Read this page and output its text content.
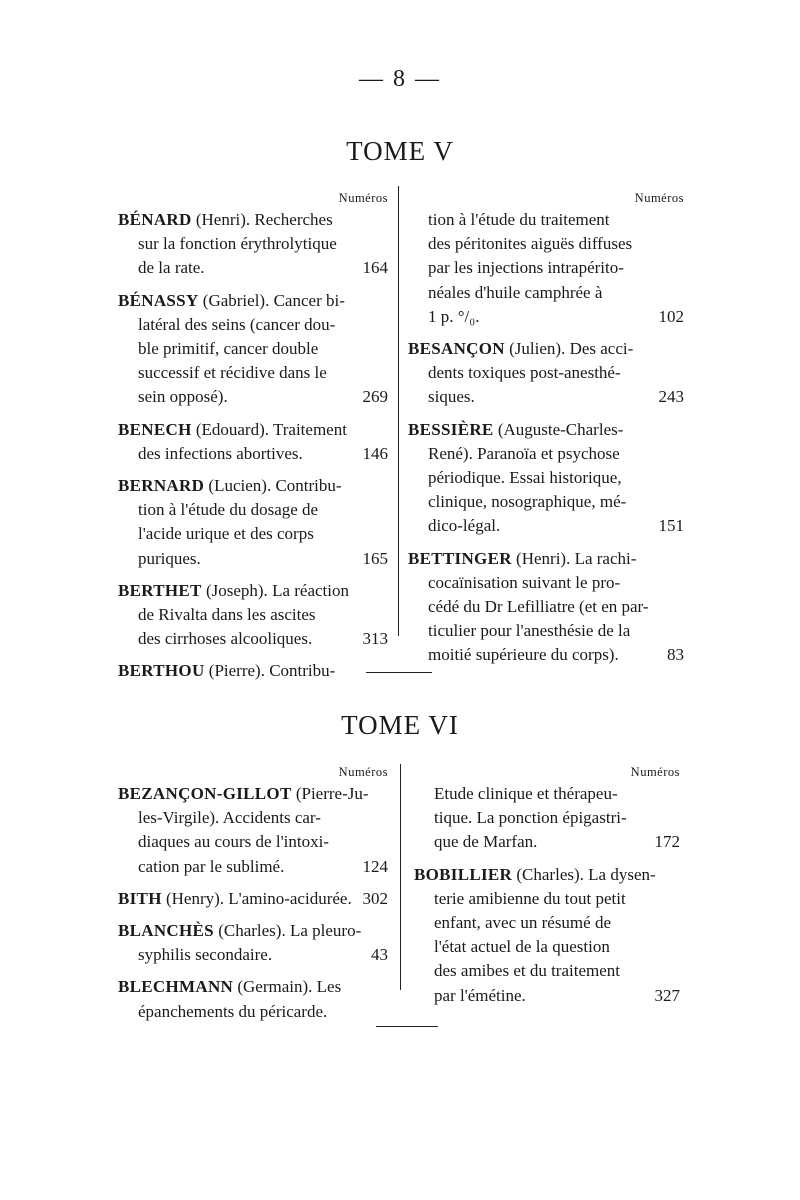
— 8 —
TOME V
Numéros
BÉNARD (Henri). Recherches
sur la fonction érythrolytique
de la rate.	164
BÉNASSY (Gabriel). Cancer bi-
latéral des seins (cancer dou-
ble primitif, cancer double
successif et récidive dans le
sein opposé).	269
BENECH (Edouard). Traitement
des infections abortives.	146
BERNARD (Lucien). Contribu-
tion à l'étude du dosage de
l'acide urique et des corps
puriques.	165
BERTHET (Joseph). La réaction
de Rivalta dans les ascites
des cirrhoses alcooliques.	313
BERTHOU (Pierre). Contribu-
Numéros
tion à l'étude du traitement
des péritonites aiguës diffuses
par les injections intrapérito-
néales d'huile camphrée à
1 p. °/₀.	102
BESANÇON (Julien). Des acci-
dents toxiques post-anesthé-
siques.	243
BESSIÈRE (Auguste-Charles-
René). Paranoïa et psychose
périodique. Essai historique,
clinique, nosographique, mé-
dico-légal.	151
BETTINGER (Henri). La rachi-
cocaïnisation suivant le pro-
cédé du Dr Lefilliatre (et en par-
ticulier pour l'anesthésie de la
moitié supérieure du corps).	83
TOME VI
Numéros
BEZANÇON-GILLOT (Pierre-Ju-
les-Virgile). Accidents car-
diaques au cours de l'intoxi-
cation par le sublimé.	124
BITH (Henry). L'amino-acidurée. 302
BLANCHÈS (Charles). La pleuro-
syphilis secondaire.	43
BLECHMANN (Germain). Les
épanchements du péricarde.
Numéros
Etude clinique et thérapeu-
tique. La ponction épigastri-
que de Marfan.	172
BOBILLIER (Charles). La dysen-
terie amibienne du tout petit
enfant, avec un résumé de
l'état actuel de la question
des amibes et du traitement
par l'émétine.	327
